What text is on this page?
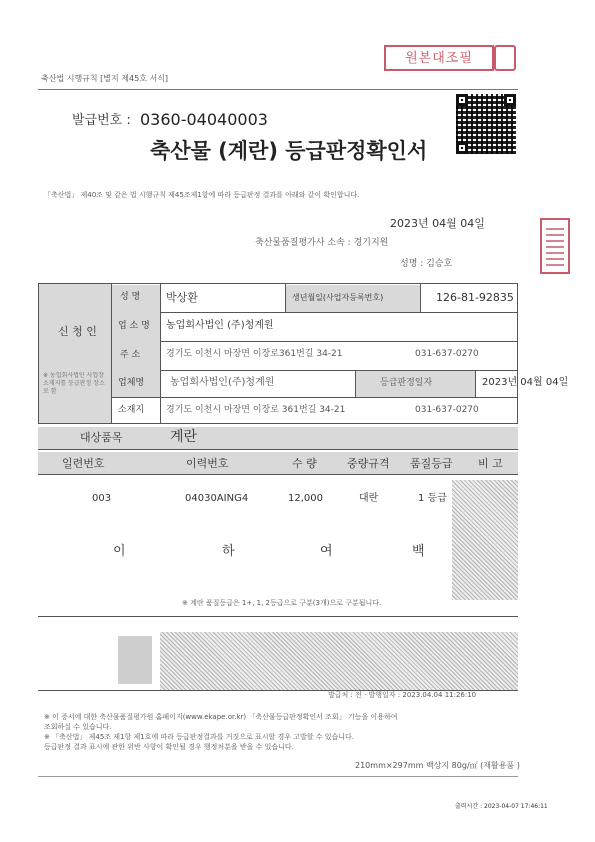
축산법 시행규칙 [별지 제45호 서식]
원본대조필
발급번호 : 0360-04040003
축산물 (계란) 등급판정확인서
「축산법」 제40조 및 같은 법 시행규칙 제45조제1항에 따라 등급판정 결과를 아래와 같이 확인합니다.
2023년 04월 04일
축산물품질평가사 소속 : 경기지원
성명 : 김승호
신 청 인
※ 농업회사법인 사업장 소재지를 등급판정 장소로 함
성 명 박상환	생년월일(사업자등록번호)	126-81-92835
업 소 명 농업회사법인 (주)청계원
주 소	경기도 이천시 마장면 이장로361번길 34-21	031-637-0270
업체명	농업회사법인(주)청계원	등급판정일자	2023년 04월 04일
소재지 경기도 이천시 마장면 이장로 361번길 34-21	031-637-0270
대상품목	계란
일련번호	이력번호	수 량	중량규격 품질등급 비 고
003	04030AING4	12,000	대란	1 등급
이	하	여	백
※ 계란 품질등급은 1+, 1, 2등급으로 구분(3개)으로 구분됩니다.
발급처 : 전 · 발행일자 : 2023.04.04 11:26:10
※ 이 증서에 대한 축산물품질평가원 홈페이지(www.ekape.or.kr) 「축산물등급판정확인서 조회」 기능을 이용하여
조회하실 수 있습니다.
※ 「축산법」 제45조 제1항 제1호에 따라 등급판정결과를 거짓으로 표시할 경우 고발할 수 있습니다.
등급판정 결과 표시에 관한 위반 사항이 확인될 경우 행정처분을 받을 수 있습니다.
210mm×297mm 백상지 80g/㎡ (재활용품 )
출력시간 : 2023-04-07 17:46:11
